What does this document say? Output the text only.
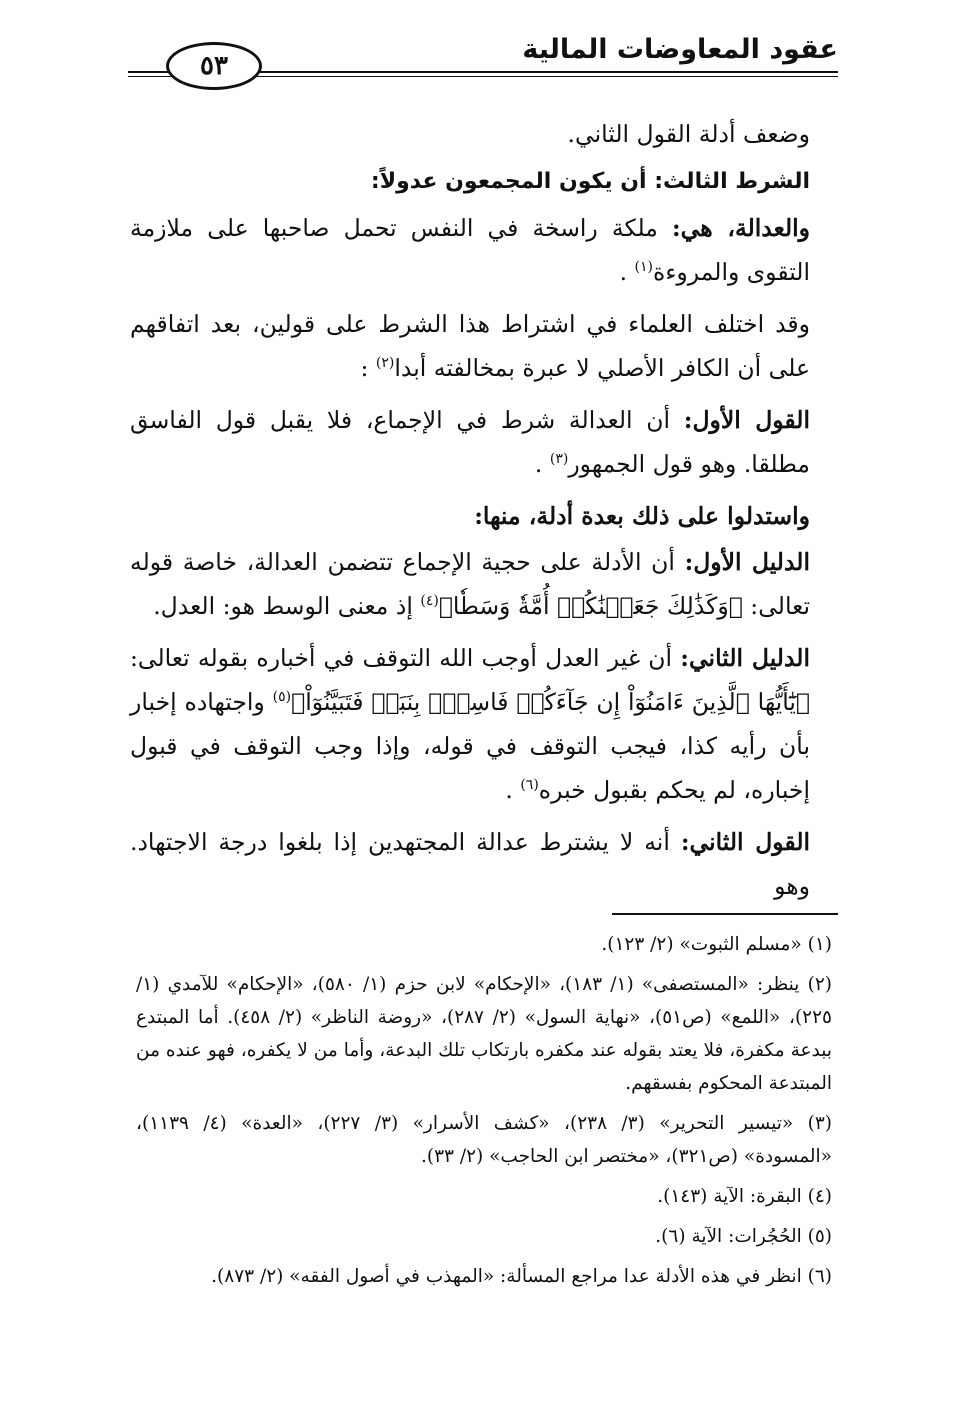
عقود المعاوضات المالية
٥٣

وضعف أدلة القول الثاني.

الشرط الثالث: أن يكون المجمعون عدولاً:

والعدالة، هي: ملكة راسخة في النفس تحمل صاحبها على ملازمة التقوى والمروءة$^{(١)}$ .

وقد اختلف العلماء في اشتراط هذا الشرط على قولين، بعد اتفاقهم على أن الكافر الأصلي لا عبرة بمخالفته أبدا$^{(٢)}$ :

القول الأول: أن العدالة شرط في الإجماع، فلا يقبل قول الفاسق مطلقا. وهو قول الجمهور$^{(٣)}$ .

واستدلوا على ذلك بعدة أدلة، منها:

الدليل الأول: أن الأدلة على حجية الإجماع تتضمن العدالة، خاصة قوله تعالى: ﴿وَكَذَٰلِكَ جَعَلۡنَٰكُمۡ أُمَّةٗ وَسَطٗا﴾$^{(٤)}$ إذ معنى الوسط هو: العدل.

الدليل الثاني: أن غير العدل أوجب الله التوقف في أخباره بقوله تعالى: ﴿يَٰٓأَيُّهَا ٱلَّذِينَ ءَامَنُوٓاْ إِن جَآءَكُمۡ فَاسِقُۢ بِنَبَإٖ فَتَبَيَّنُوٓاْ﴾$^{(٥)}$ واجتهاده إخبار بأن رأيه كذا، فيجب التوقف في قوله، وإذا وجب التوقف في قبول إخباره، لم يحكم بقبول خبره$^{(٦)}$ .

القول الثاني: أنه لا يشترط عدالة المجتهدين إذا بلغوا درجة الاجتهاد. وهو

(١) «مسلم الثبوت» (٢/ ١٢٣).

(٢) ينظر: «المستصفى» (١/ ١٨٣)، «الإحكام» لابن حزم (١/ ٥٨٠)، «الإحكام» للآمدي (١/ ٢٢٥)، «اللمع» (ص٥١)، «نهاية السول» (٢/ ٢٨٧)، «روضة الناظر» (٢/ ٤٥٨). أما المبتدع ببدعة مكفرة، فلا يعتد بقوله عند مكفره بارتكاب تلك البدعة، وأما من لا يكفره، فهو عنده من المبتدعة المحكوم بفسقهم.

(٣) «تيسير التحرير» (٣/ ٢٣٨)، «كشف الأسرار» (٣/ ٢٢٧)، «العدة» (٤/ ١١٣٩)، «المسودة» (ص٣٢١)، «مختصر ابن الحاجب» (٢/ ٣٣).

(٤) البقرة: الآية (١٤٣).

(٥) الحُجُرات: الآية (٦).

(٦) انظر في هذه الأدلة عدا مراجع المسألة: «المهذب في أصول الفقه» (٢/ ٨٧٣).
